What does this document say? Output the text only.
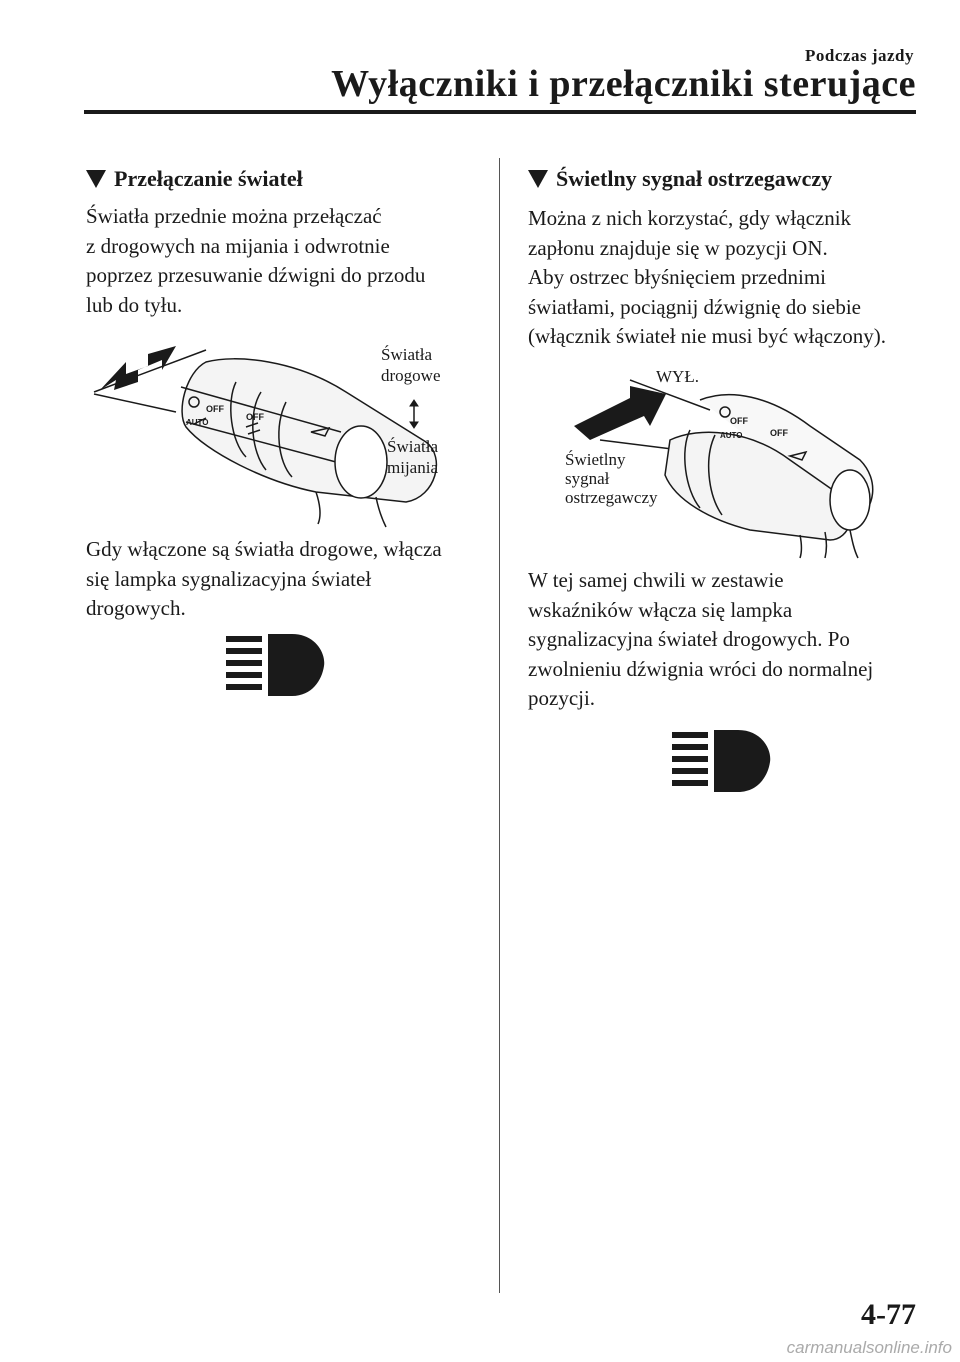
Podczas jazdy
Wyłączniki i przełączniki sterujące
Przełączanie świateł
Światła przednie można przełączać
z drogowych na mijania i odwrotnie
poprzez przesuwanie dźwigni do przodu
lub do tyłu.
OFF
AUTO
OFF
Światła
drogowe
Światła
mijania
Gdy włączone są światła drogowe, włącza
się lampka sygnalizacyjna świateł
drogowych.
Świetlny sygnał ostrzegawczy
Można z nich korzystać, gdy włącznik
zapłonu znajduje się w pozycji ON.
Aby ostrzec błyśnięciem przednimi
światłami, pociągnij dźwignię do siebie
(włącznik świateł nie musi być włączony).
OFF
AUTO	OFF
WYŁ.
Świetlny
sygnał
ostrzegawczy
W tej samej chwili w zestawie
wskaźników włącza się lampka
sygnalizacyjna świateł drogowych. Po
zwolnieniu dźwignia wróci do normalnej
pozycji.
4-77
carmanualsonline.info
